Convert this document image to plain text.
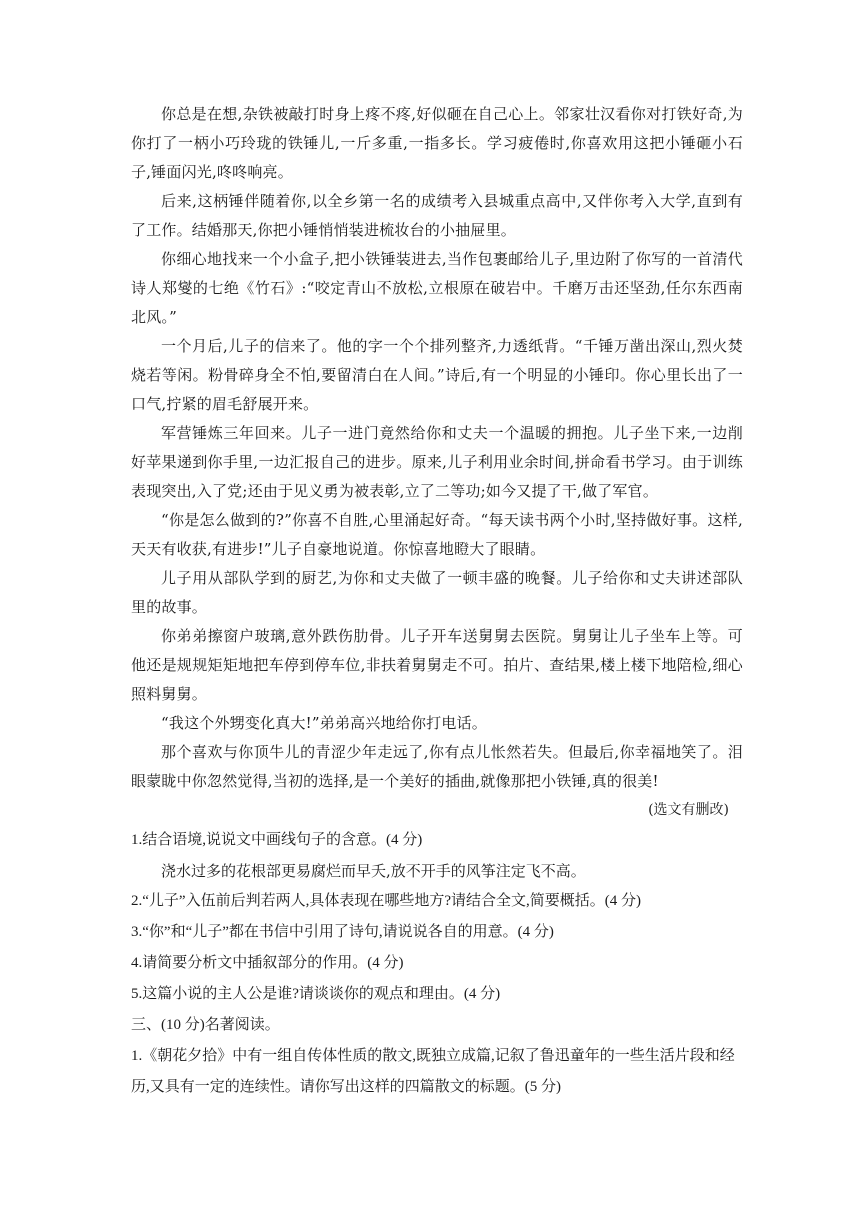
你总是在想,杂铁被敲打时身上疼不疼,好似砸在自己心上。邻家壮汉看你对打铁好奇,为你打了一柄小巧玲珑的铁锤儿,一斤多重,一指多长。学习疲倦时,你喜欢用这把小锤砸小石子,锤面闪光,咚咚响亮。

后来,这柄锤伴随着你,以全乡第一名的成绩考入县城重点高中,又伴你考入大学,直到有了工作。结婚那天,你把小锤悄悄装进梳妆台的小抽屉里。

你细心地找来一个小盒子,把小铁锤装进去,当作包裹邮给儿子,里边附了你写的一首清代诗人郑燮的七绝《竹石》:“咬定青山不放松,立根原在破岩中。千磨万击还坚劲,任尔东西南北风。”

一个月后,儿子的信来了。他的字一个个排列整齐,力透纸背。“千锤万凿出深山,烈火焚烧若等闲。粉骨碎身全不怕,要留清白在人间。”诗后,有一个明显的小锤印。你心里长出了一口气,拧紧的眉毛舒展开来。

军营锤炼三年回来。儿子一进门竟然给你和丈夫一个温暖的拥抱。儿子坐下来,一边削好苹果递到你手里,一边汇报自己的进步。原来,儿子利用业余时间,拼命看书学习。由于训练表现突出,入了党;还由于见义勇为被表彰,立了二等功;如今又提了干,做了军官。

“你是怎么做到的?”你喜不自胜,心里涌起好奇。“每天读书两个小时,坚持做好事。这样,天天有收获,有进步!”儿子自豪地说道。你惊喜地瞪大了眼睛。

儿子用从部队学到的厨艺,为你和丈夫做了一顿丰盛的晚餐。儿子给你和丈夫讲述部队里的故事。

你弟弟擦窗户玻璃,意外跌伤肋骨。儿子开车送舅舅去医院。舅舅让儿子坐车上等。可他还是规规矩矩地把车停到停车位,非扶着舅舅走不可。拍片、查结果,楼上楼下地陪检,细心照料舅舅。

“我这个外甥变化真大!”弟弟高兴地给你打电话。

那个喜欢与你顶牛儿的青涩少年走远了,你有点儿怅然若失。但最后,你幸福地笑了。泪眼蒙眬中你忽然觉得,当初的选择,是一个美好的插曲,就像那把小铁锤,真的很美!

(选文有删改)

1.结合语境,说说文中画线句子的含意。(4 分)

浇水过多的花根部更易腐烂而早夭,放不开手的风筝注定飞不高。

2.“儿子”入伍前后判若两人,具体表现在哪些地方?请结合全文,简要概括。(4 分)

3.“你”和“儿子”都在书信中引用了诗句,请说说各自的用意。(4 分)

4.请简要分析文中插叙部分的作用。(4 分)

5.这篇小说的主人公是谁?请谈谈你的观点和理由。(4 分)

三、(10 分)名著阅读。

1.《朝花夕拾》中有一组自传体性质的散文,既独立成篇,记叙了鲁迅童年的一些生活片段和经历,又具有一定的连续性。请你写出这样的四篇散文的标题。(5 分)
